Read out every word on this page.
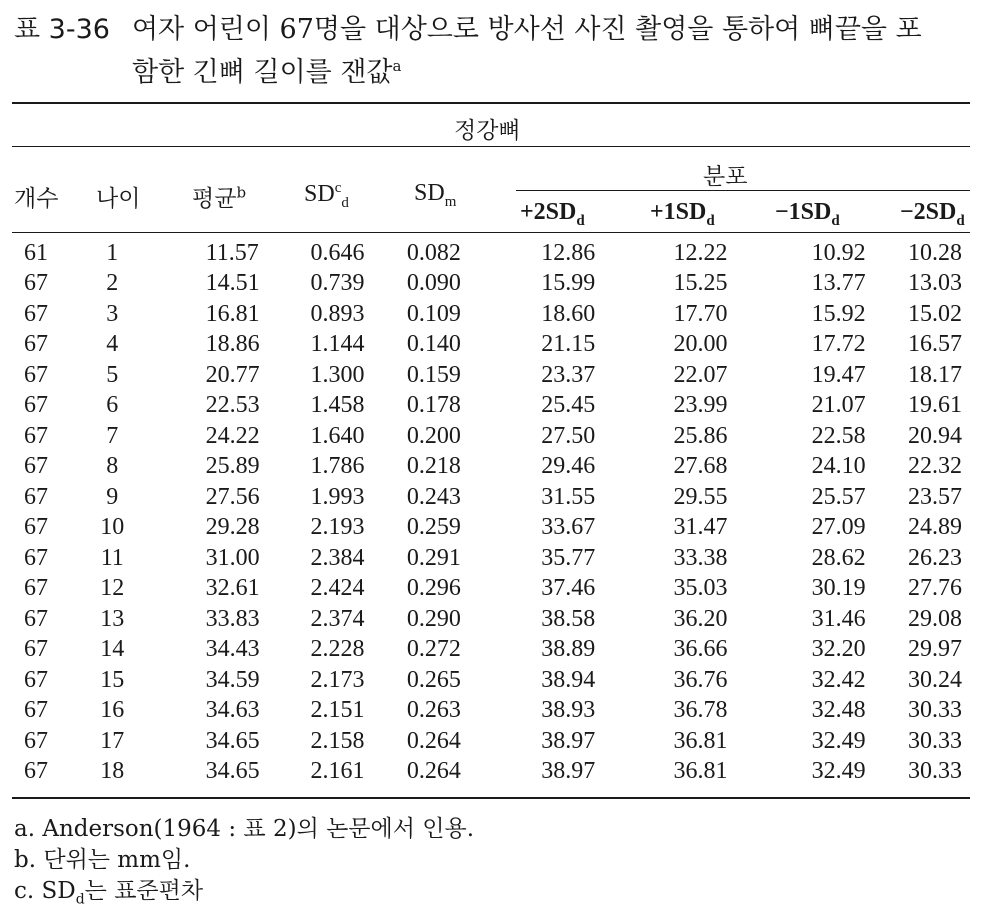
표 3-36 여자 어린이 67명을 대상으로 방사선 사진 촬영을 통하여 뼈끝을 포
함한 긴뼈 길이를 잰값$^a$
정강뼈
분포
개수 나이 평균$^b$ $SD^c_d$	$SD_m$	$+2SD_d$	$+1SD_d$	$-1SD_d$	$-2SD_d$
61	1	11.57	0.646	0.082	12.86	12.22	10.92	10.28
67	2	14.51	0.739	0.090	15.99	15.25	13.77	13.03
67	3	16.81	0.893	0.109	18.60	17.70	15.92	15.02
67	4	18.86	1.144	0.140	21.15	20.00	17.72	16.57
67	5	20.77	1.300	0.159	23.37	22.07	19.47	18.17
67	6	22.53	1.458	0.178	25.45	23.99	21.07	19.61
67	7	24.22	1.640	0.200	27.50	25.86	22.58	20.94
67	8	25.89	1.786	0.218	29.46	27.68	24.10	22.32
67	9	27.56	1.993	0.243	31.55	29.55	25.57	23.57
67	10	29.28	2.193	0.259	33.67	31.47	27.09	24.89
67	11	31.00	2.384	0.291	35.77	33.38	28.62	26.23
67	12	32.61	2.424	0.296	37.46	35.03	30.19	27.76
67	13	33.83	2.374	0.290	38.58	36.20	31.46	29.08
67	14	34.43	2.228	0.272	38.89	36.66	32.20	29.97
67	15	34.59	2.173	0.265	38.94	36.76	32.42	30.24
67	16	34.63	2.151	0.263	38.93	36.78	32.48	30.33
67	17	34.65	2.158	0.264	38.97	36.81	32.49	30.33
67	18	34.65	2.161	0.264	38.97	36.81	32.49	30.33
a. Anderson(1964 : 표 2)의 논문에서 인용.
b. 단위는 mm임.
c. $SD_d$는 표준편차
